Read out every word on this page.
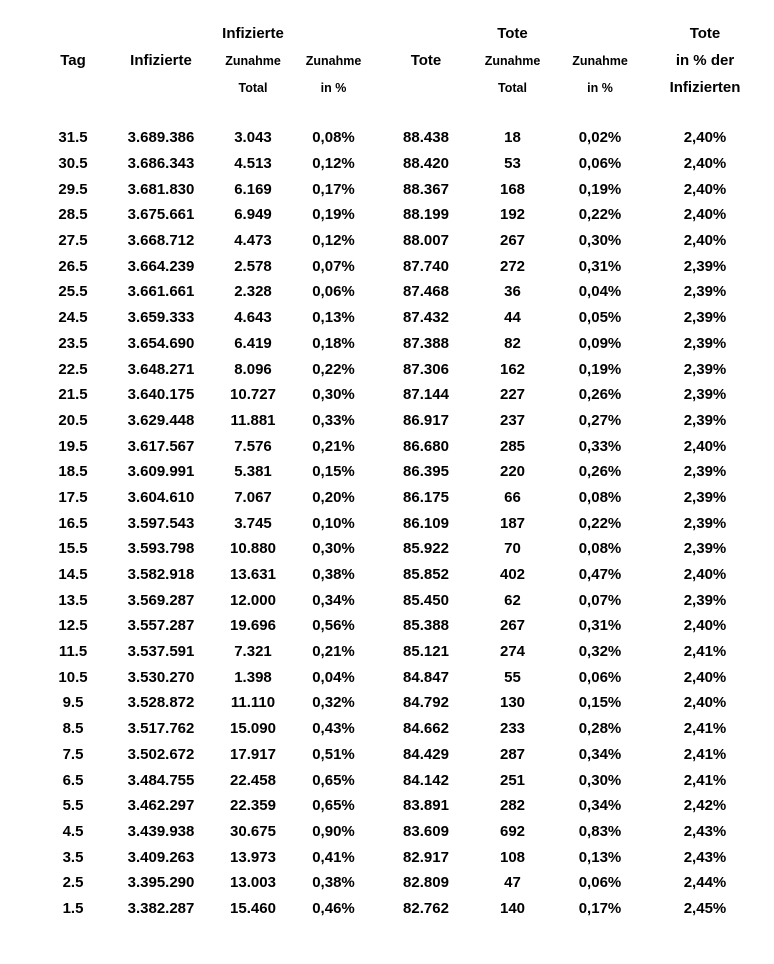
		Infizierte			Tote		Tote
Tag	Infizierte	Zunahme	Zunahme	Tote	Zunahme	Zunahme	in % der
		Total	in %		Total	in %	Infizierten

31.5	3.689.386	3.043	0,08%	88.438	18	0,02%	2,40%
30.5	3.686.343	4.513	0,12%	88.420	53	0,06%	2,40%
29.5	3.681.830	6.169	0,17%	88.367	168	0,19%	2,40%
28.5	3.675.661	6.949	0,19%	88.199	192	0,22%	2,40%
27.5	3.668.712	4.473	0,12%	88.007	267	0,30%	2,40%
26.5	3.664.239	2.578	0,07%	87.740	272	0,31%	2,39%
25.5	3.661.661	2.328	0,06%	87.468	36	0,04%	2,39%
24.5	3.659.333	4.643	0,13%	87.432	44	0,05%	2,39%
23.5	3.654.690	6.419	0,18%	87.388	82	0,09%	2,39%
22.5	3.648.271	8.096	0,22%	87.306	162	0,19%	2,39%
21.5	3.640.175	10.727	0,30%	87.144	227	0,26%	2,39%
20.5	3.629.448	11.881	0,33%	86.917	237	0,27%	2,39%
19.5	3.617.567	7.576	0,21%	86.680	285	0,33%	2,40%
18.5	3.609.991	5.381	0,15%	86.395	220	0,26%	2,39%
17.5	3.604.610	7.067	0,20%	86.175	66	0,08%	2,39%
16.5	3.597.543	3.745	0,10%	86.109	187	0,22%	2,39%
15.5	3.593.798	10.880	0,30%	85.922	70	0,08%	2,39%
14.5	3.582.918	13.631	0,38%	85.852	402	0,47%	2,40%
13.5	3.569.287	12.000	0,34%	85.450	62	0,07%	2,39%
12.5	3.557.287	19.696	0,56%	85.388	267	0,31%	2,40%
11.5	3.537.591	7.321	0,21%	85.121	274	0,32%	2,41%
10.5	3.530.270	1.398	0,04%	84.847	55	0,06%	2,40%
9.5	3.528.872	11.110	0,32%	84.792	130	0,15%	2,40%
8.5	3.517.762	15.090	0,43%	84.662	233	0,28%	2,41%
7.5	3.502.672	17.917	0,51%	84.429	287	0,34%	2,41%
6.5	3.484.755	22.458	0,65%	84.142	251	0,30%	2,41%
5.5	3.462.297	22.359	0,65%	83.891	282	0,34%	2,42%
4.5	3.439.938	30.675	0,90%	83.609	692	0,83%	2,43%
3.5	3.409.263	13.973	0,41%	82.917	108	0,13%	2,43%
2.5	3.395.290	13.003	0,38%	82.809	47	0,06%	2,44%
1.5	3.382.287	15.460	0,46%	82.762	140	0,17%	2,45%
